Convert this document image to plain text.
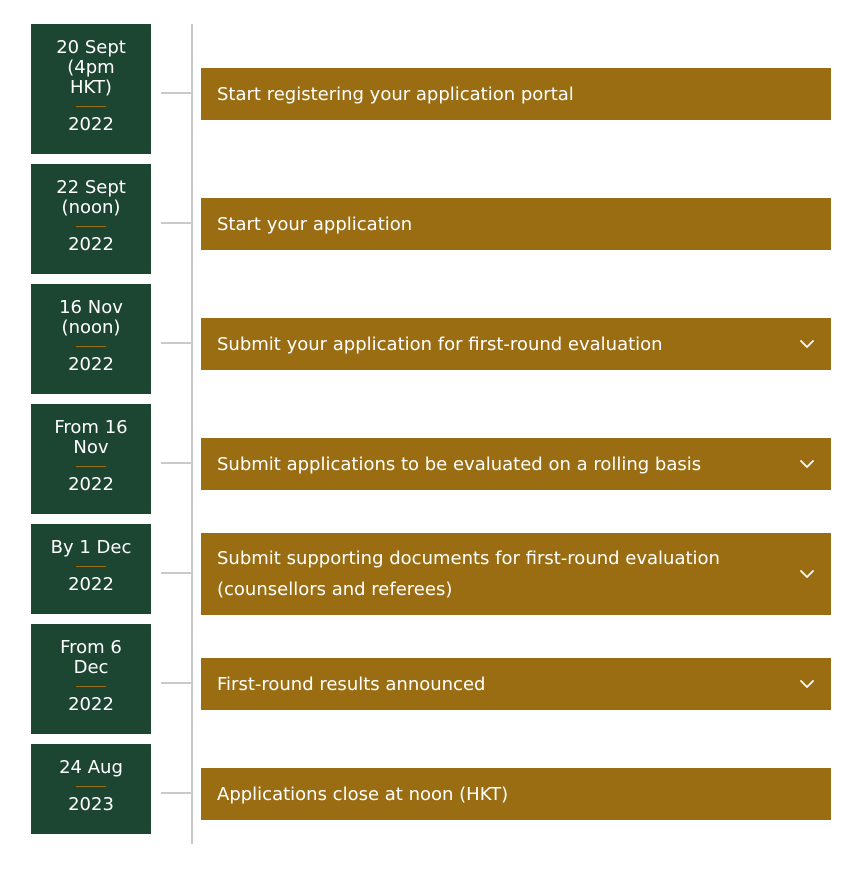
20 Sept
(4pm
HKT)
2022
Start registering your application portal
22 Sept
(noon)
2022
Start your application
16 Nov
(noon)
2022
Submit your application for first-round evaluation
From 16
Nov
2022
Submit applications to be evaluated on a rolling basis
By 1 Dec
2022
Submit supporting documents for first-round evaluation
(counsellors and referees)
From 6
Dec
2022
First-round results announced
24 Aug
2023	Applications close at noon (HKT)
